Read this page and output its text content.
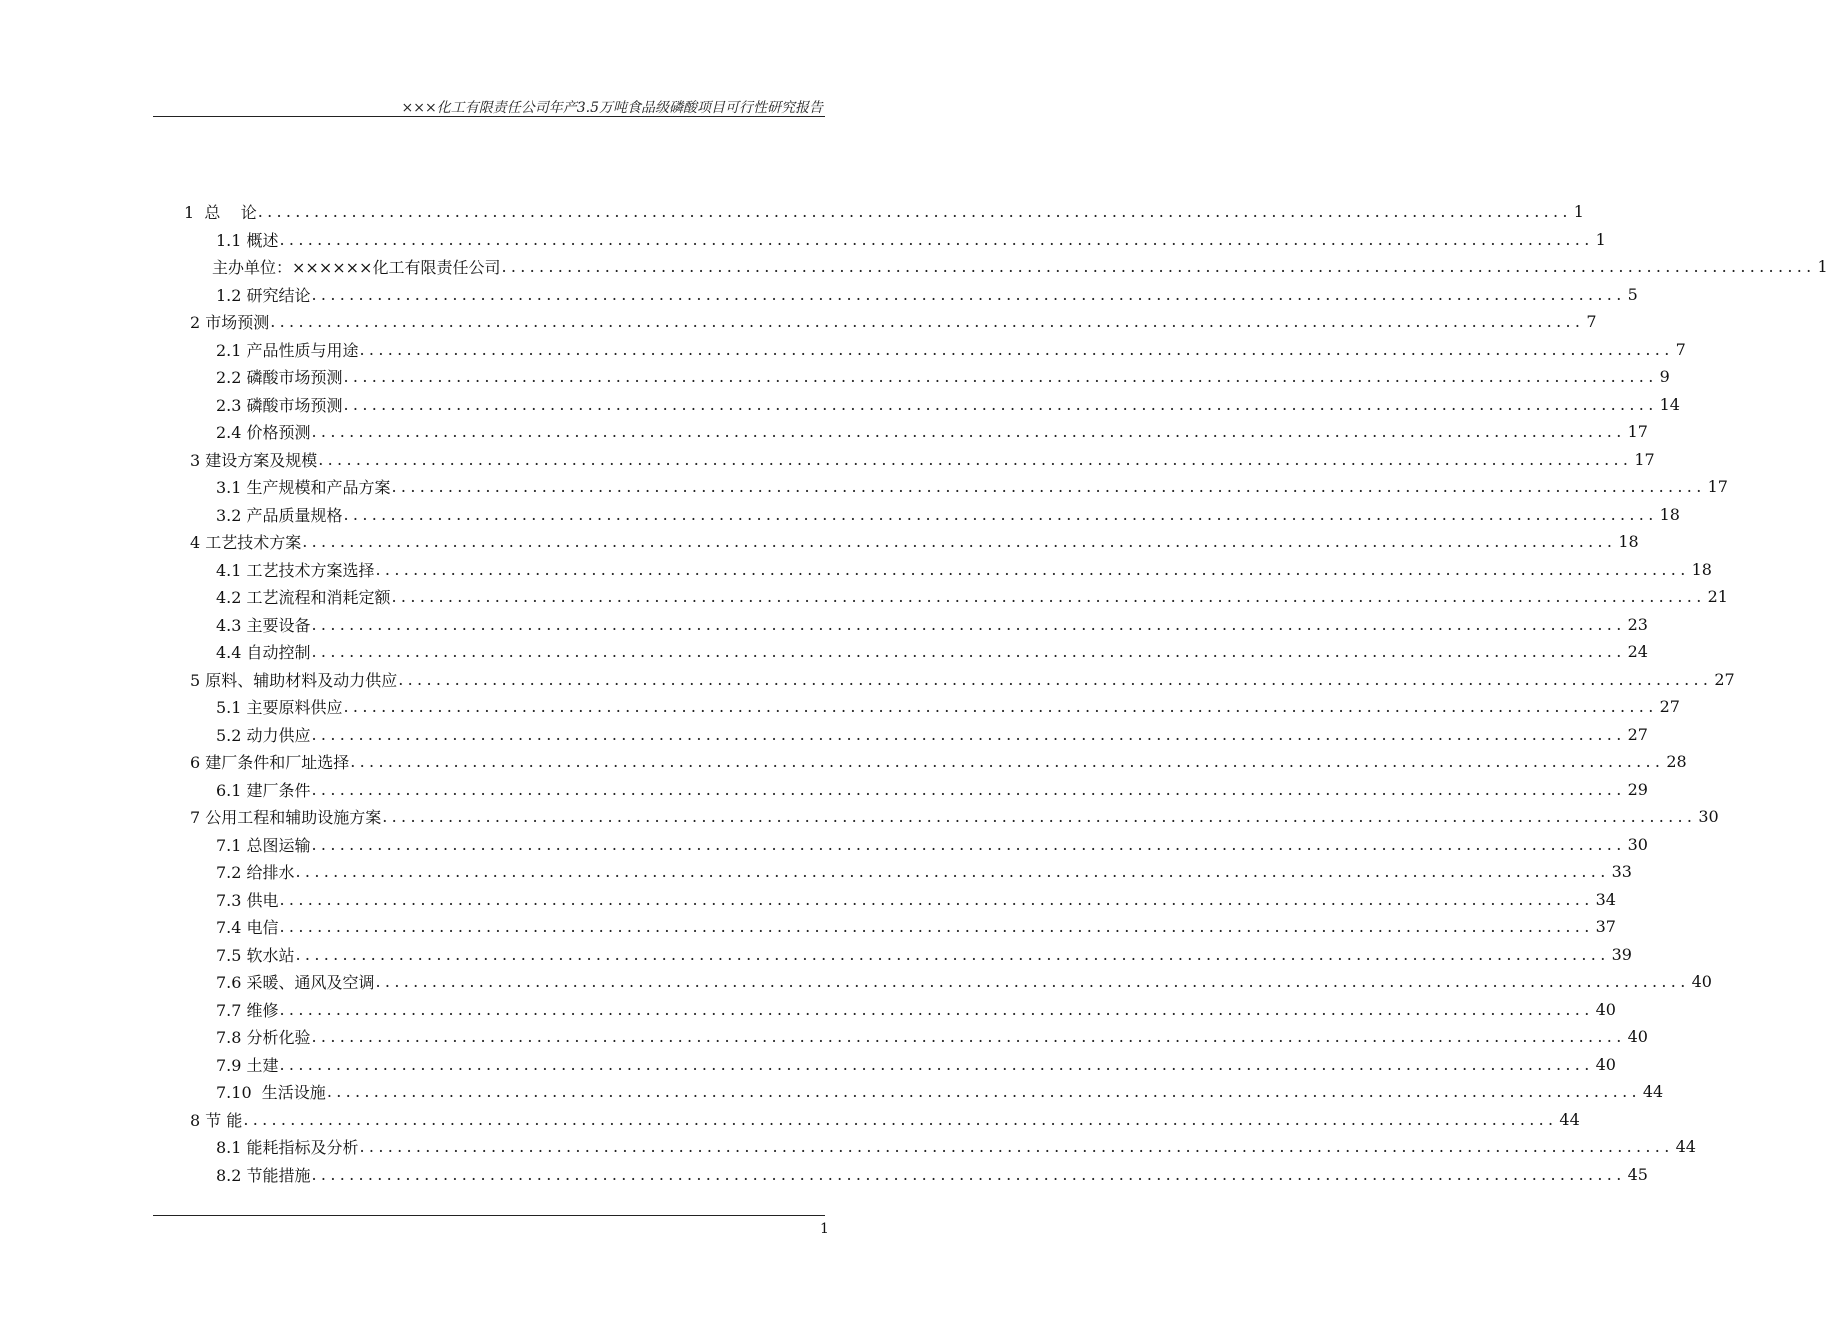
×××化工有限责任公司年产3.5万吨食品级磷酸项目可行性研究报告
1  总    论 ............................................................................................................................................ 1
1.1 概述 ............................................................................................................................................ 1
主办单位：××××××化工有限责任公司 ............................................................................................................................................ 1
1.2 研究结论 ............................................................................................................................................ 5
2 市场预测 ............................................................................................................................................ 7
2.1 产品性质与用途 ............................................................................................................................................ 7
2.2 磷酸市场预测 ............................................................................................................................................ 9
2.3 磷酸市场预测 ............................................................................................................................................ 14
2.4 价格预测 ............................................................................................................................................ 17
3 建设方案及规模 ............................................................................................................................................ 17
3.1 生产规模和产品方案 ............................................................................................................................................ 17
3.2 产品质量规格 ............................................................................................................................................ 18
4 工艺技术方案 ............................................................................................................................................ 18
4.1 工艺技术方案选择 ............................................................................................................................................ 18
4.2 工艺流程和消耗定额 ............................................................................................................................................ 21
4.3 主要设备 ............................................................................................................................................ 23
4.4 自动控制 ............................................................................................................................................ 24
5 原料、辅助材料及动力供应 ............................................................................................................................................ 27
5.1 主要原料供应 ............................................................................................................................................ 27
5.2 动力供应 ............................................................................................................................................ 27
6 建厂条件和厂址选择 ............................................................................................................................................ 28
6.1 建厂条件 ............................................................................................................................................ 29
7 公用工程和辅助设施方案 ............................................................................................................................................ 30
7.1 总图运输 ............................................................................................................................................ 30
7.2 给排水 ............................................................................................................................................ 33
7.3 供电 ............................................................................................................................................ 34
7.4 电信 ............................................................................................................................................ 37
7.5 软水站 ............................................................................................................................................ 39
7.6 采暖、通风及空调 ............................................................................................................................................ 40
7.7 维修 ............................................................................................................................................ 40
7.8 分析化验 ............................................................................................................................................ 40
7.9 土建 ............................................................................................................................................ 40
7.10  生活设施 ............................................................................................................................................ 44
8 节 能 ............................................................................................................................................ 44
8.1 能耗指标及分析 ............................................................................................................................................ 44
8.2 节能措施 ............................................................................................................................................ 45
1
